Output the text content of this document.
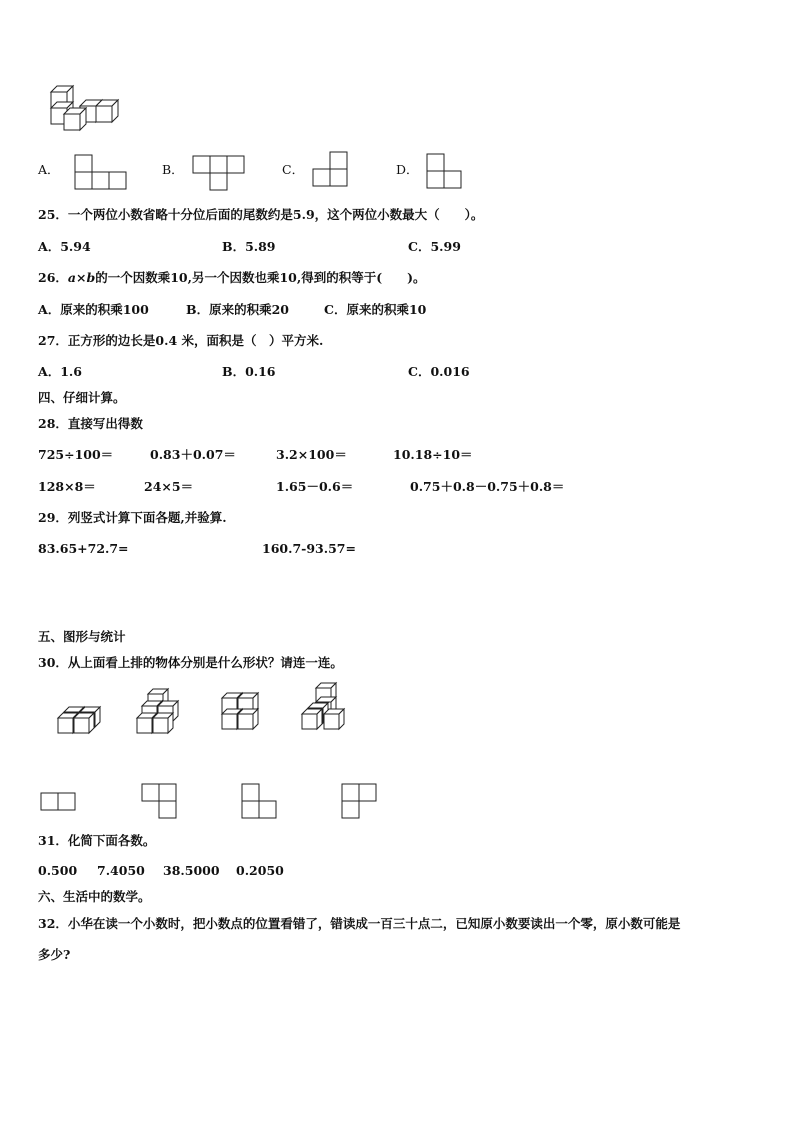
A．	B．	C．	D．
25．一个两位小数省略十分位后面的尾数约是5.9，这个两位小数最大（　　）。
A．5.94	B．5.89	C．5.99
26．a×b的一个因数乘10,另一个因数也乘10,得到的积等于(　　)。
A．原来的积乘100	B．原来的积乘20	C．原来的积乘10
27．正方形的边长是0.4 米，面积是（　）平方米.
A．1.6	B．0.16	C．0.016
四、仔细计算。
28．直接写出得数
725÷100＝	0.83＋0.07＝	3.2×100＝	10.18÷10＝
128×8＝	24×5＝	1.65－0.6＝	0.75＋0.8－0.75＋0.8＝
29．列竖式计算下面各题,并验算.
83.65+72.7=	160.7-93.57=
五、图形与统计
30．从上面看上排的物体分别是什么形状？请连一连。
31．化简下面各数。
0.500 7.4050 38.5000 0.2050
六、生活中的数学。
32．小华在读一个小数时，把小数点的位置看错了，错读成一百三十点二，已知原小数要读出一个零，原小数可能是
多少?
